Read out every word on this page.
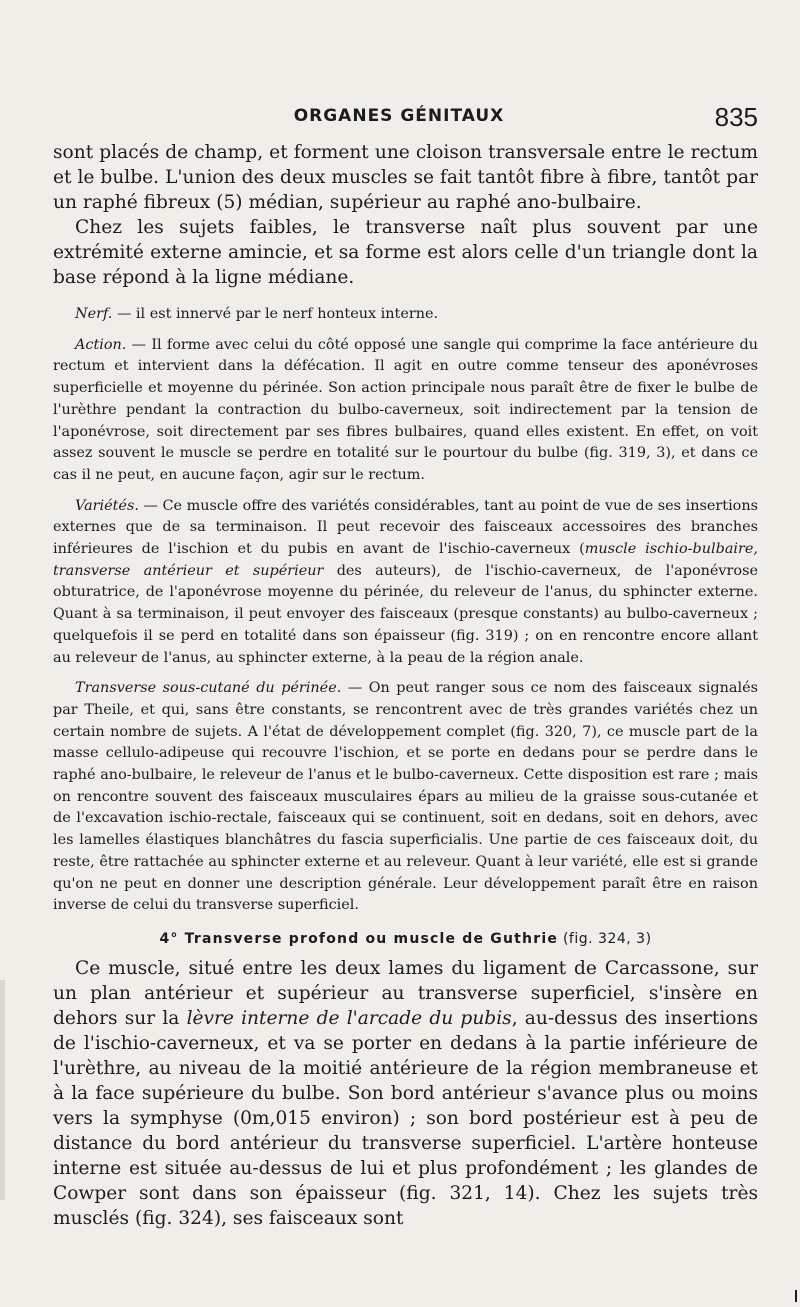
ORGANES GÉNITAUX	835

sont placés de champ, et forment une cloison transversale entre le rectum et le bulbe. L'union des deux muscles se fait tantôt fibre à fibre, tantôt par un raphé fibreux (5) médian, supérieur au raphé ano-bulbaire.

Chez les sujets faibles, le transverse naît plus souvent par une extrémité externe amincie, et sa forme est alors celle d'un triangle dont la base répond à la ligne médiane.

Nerf. — il est innervé par le nerf honteux interne.

Action. — Il forme avec celui du côté opposé une sangle qui comprime la face antérieure du rectum et intervient dans la défécation. Il agit en outre comme tenseur des aponévroses superficielle et moyenne du périnée. Son action principale nous paraît être de fixer le bulbe de l'urèthre pendant la contraction du bulbo-caverneux, soit indirectement par la tension de l'aponévrose, soit directement par ses fibres bulbaires, quand elles existent. En effet, on voit assez souvent le muscle se perdre en totalité sur le pourtour du bulbe (fig. 319, 3), et dans ce cas il ne peut, en aucune façon, agir sur le rectum.

Variétés. — Ce muscle offre des variétés considérables, tant au point de vue de ses insertions externes que de sa terminaison. Il peut recevoir des faisceaux accessoires des branches inférieures de l'ischion et du pubis en avant de l'ischio-caverneux (muscle ischio-bulbaire, transverse antérieur et supérieur des auteurs), de l'ischio-caverneux, de l'aponévrose obturatrice, de l'aponévrose moyenne du périnée, du releveur de l'anus, du sphincter externe. Quant à sa terminaison, il peut envoyer des faisceaux (presque constants) au bulbo-caverneux ; quelquefois il se perd en totalité dans son épaisseur (fig. 319) ; on en rencontre encore allant au releveur de l'anus, au sphincter externe, à la peau de la région anale.

Transverse sous-cutané du périnée. — On peut ranger sous ce nom des faisceaux signalés par Theile, et qui, sans être constants, se rencontrent avec de très grandes variétés chez un certain nombre de sujets. A l'état de développement complet (fig. 320, 7), ce muscle part de la masse cellulo-adipeuse qui recouvre l'ischion, et se porte en dedans pour se perdre dans le raphé ano-bulbaire, le releveur de l'anus et le bulbo-caverneux. Cette disposition est rare ; mais on rencontre souvent des faisceaux musculaires épars au milieu de la graisse sous-cutanée et de l'excavation ischio-rectale, faisceaux qui se continuent, soit en dedans, soit en dehors, avec les lamelles élastiques blanchâtres du fascia superficialis. Une partie de ces faisceaux doit, du reste, être rattachée au sphincter externe et au releveur. Quant à leur variété, elle est si grande qu'on ne peut en donner une description générale. Leur développement paraît être en raison inverse de celui du transverse superficiel.

4° Transverse profond ou muscle de Guthrie (fig. 324, 3)

Ce muscle, situé entre les deux lames du ligament de Carcassone, sur un plan antérieur et supérieur au transverse superficiel, s'insère en dehors sur la lèvre interne de l'arcade du pubis, au-dessus des insertions de l'ischio-caverneux, et va se porter en dedans à la partie inférieure de l'urèthre, au niveau de la moitié antérieure de la région membraneuse et à la face supérieure du bulbe. Son bord antérieur s'avance plus ou moins vers la symphyse (0m,015 environ) ; son bord postérieur est à peu de distance du bord antérieur du transverse superficiel. L'artère honteuse interne est située au-dessus de lui et plus profondément ; les glandes de Cowper sont dans son épaisseur (fig. 321, 14). Chez les sujets très musclés (fig. 324), ses faisceaux sont
